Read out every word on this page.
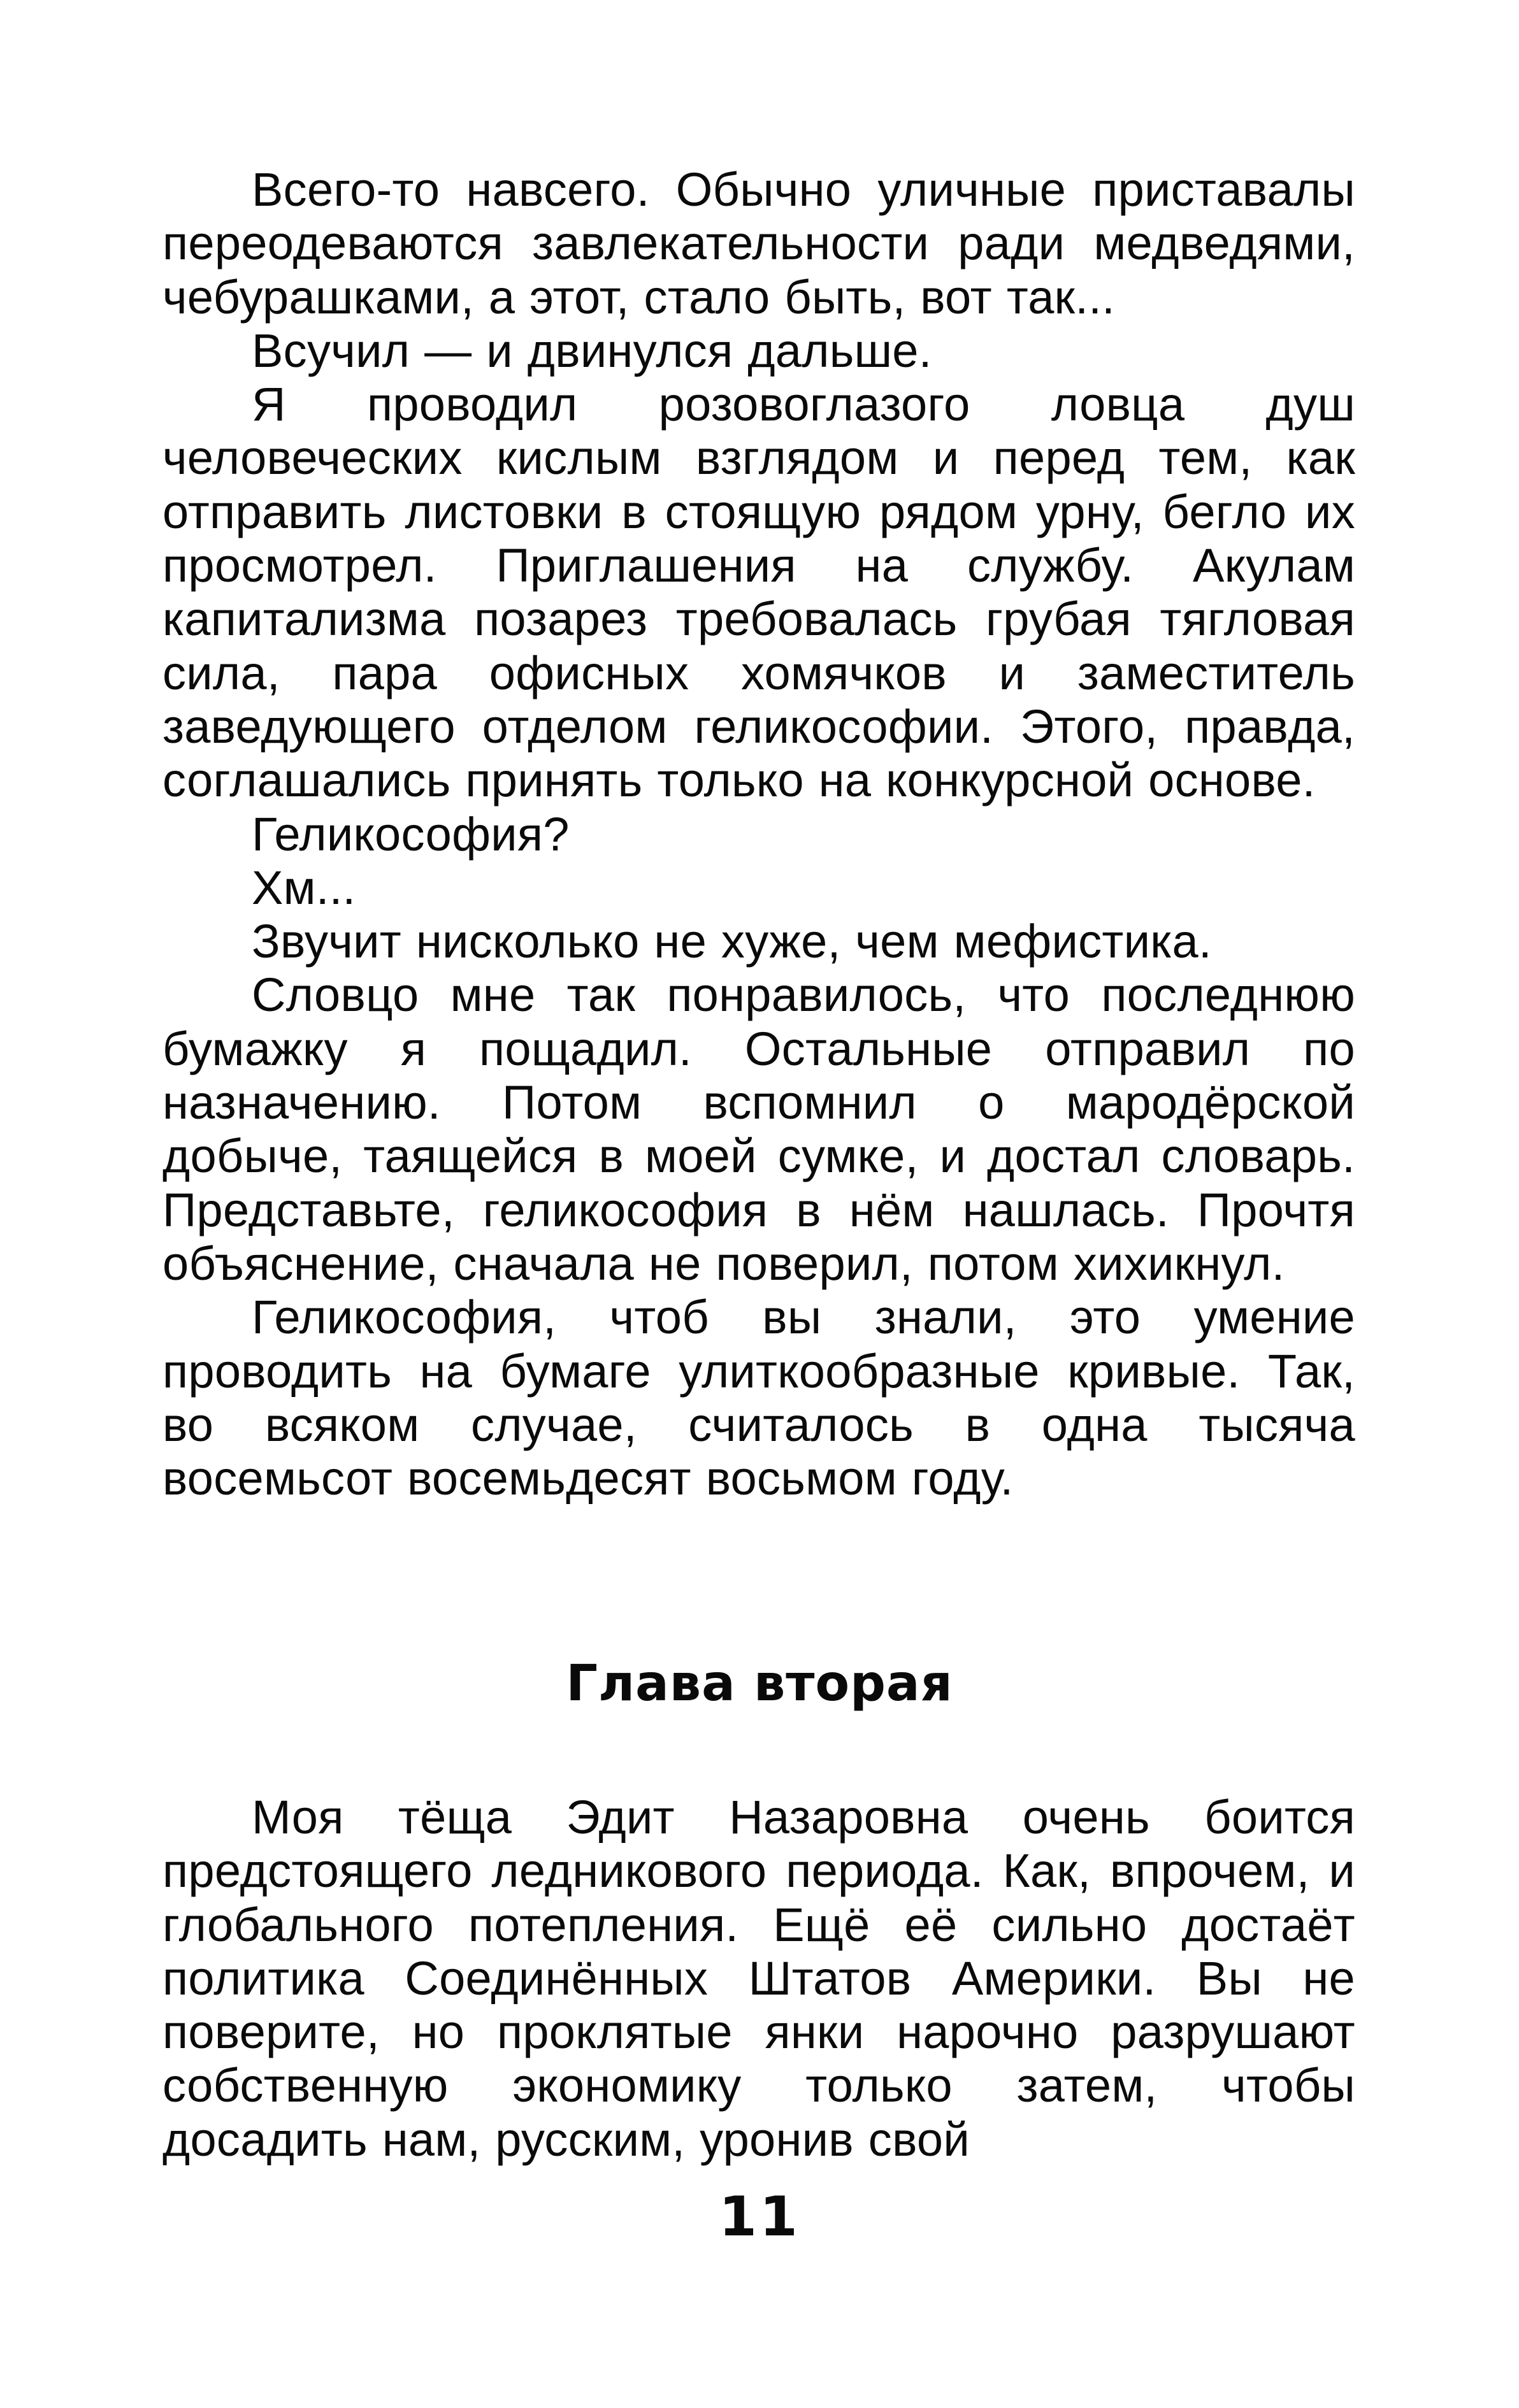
Всего-то навсего. Обычно уличные приставалы переодеваются завлекательности ради медведями, чебурашками, а этот, стало быть, вот так...

Всучил — и двинулся дальше.

Я проводил розовоглазого ловца душ человеческих кислым взглядом и перед тем, как отправить листовки в стоящую рядом урну, бегло их просмотрел. Приглашения на службу. Акулам капитализма позарез требовалась грубая тягловая сила, пара офисных хомячков и заместитель заведующего отделом геликософии. Этого, правда, соглашались принять только на конкурсной основе.

Геликософия?

Хм...

Звучит нисколько не хуже, чем мефистика.

Словцо мне так понравилось, что последнюю бумажку я пощадил. Остальные отправил по назначению. Потом вспомнил о мародёрской добыче, таящейся в моей сумке, и достал словарь. Представьте, геликософия в нём нашлась. Прочтя объяснение, сначала не поверил, потом хихикнул.

Геликософия, чтоб вы знали, это умение проводить на бумаге улиткообразные кривые. Так, во всяком случае, считалось в одна тысяча восемьсот восемьдесят восьмом году.

Глава вторая

Моя тёща Эдит Назаровна очень боится предстоящего ледникового периода. Как, впрочем, и глобального потепления. Ещё её сильно достаёт политика Соединённых Штатов Америки. Вы не поверите, но проклятые янки нарочно разрушают собственную экономику только затем, чтобы досадить нам, русским, уронив свой

11
